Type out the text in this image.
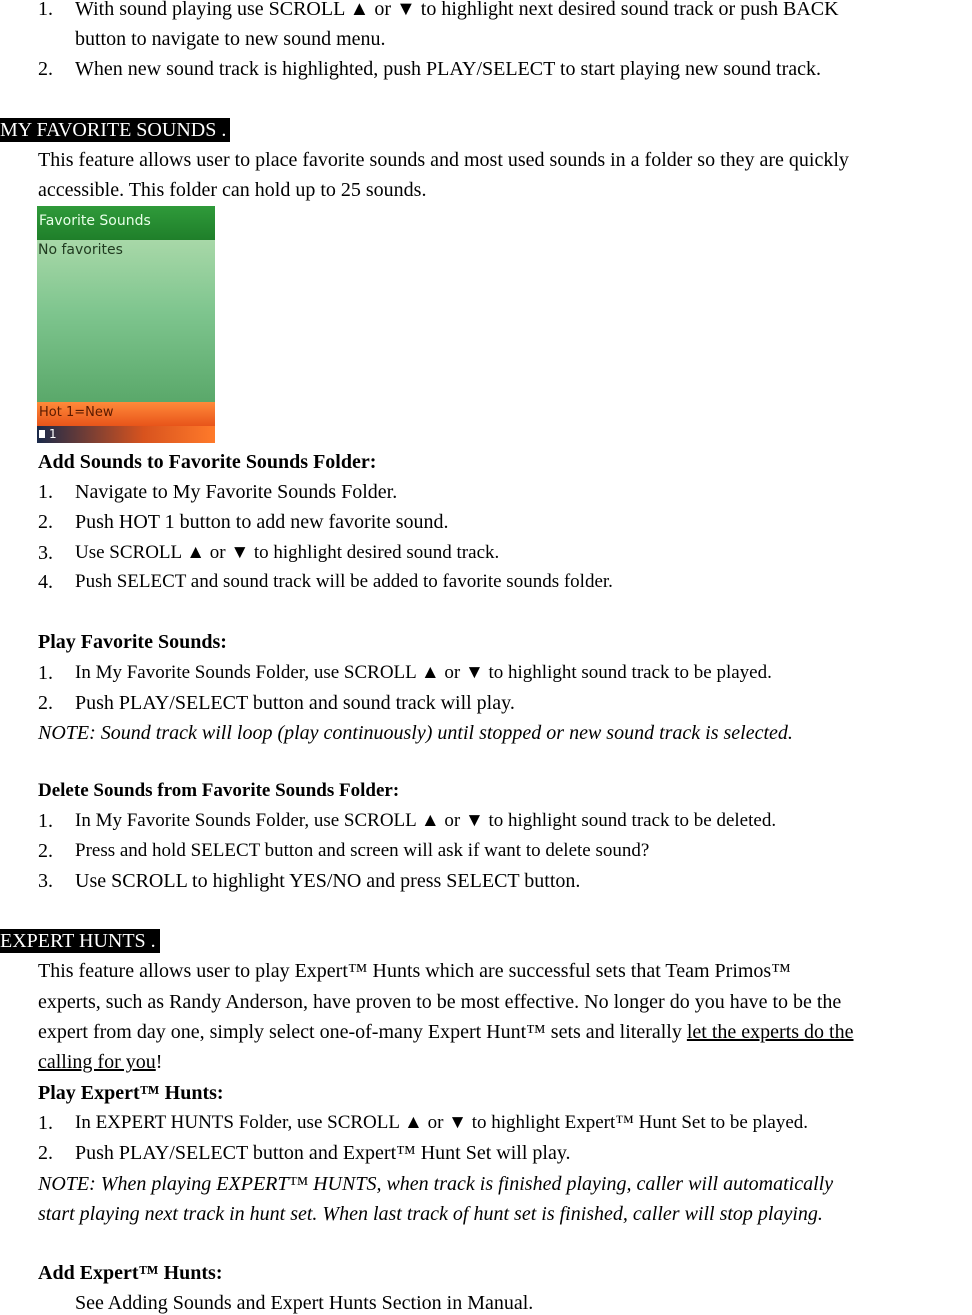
1. With sound playing use SCROLL ▲ or ▼ to highlight next desired sound track or push BACK
button to navigate to new sound menu.
2. When new sound track is highlighted, push PLAY/SELECT to start playing new sound track.
MY FAVORITE SOUNDS .
This feature allows user to place favorite sounds and most used sounds in a folder so they are quickly
accessible. This folder can hold up to 25 sounds.
Favorite Sounds
No favorites
Hot 1=New
1
Add Sounds to Favorite Sounds Folder:
1. Navigate to My Favorite Sounds Folder.
2. Push HOT 1 button to add new favorite sound.
3. Use SCROLL ▲ or ▼ to highlight desired sound track.
4. Push SELECT and sound track will be added to favorite sounds folder.
Play Favorite Sounds:
1. In My Favorite Sounds Folder, use SCROLL ▲ or ▼ to highlight sound track to be played.
2. Push PLAY/SELECT button and sound track will play.
NOTE: Sound track will loop (play continuously) until stopped or new sound track is selected.
Delete Sounds from Favorite Sounds Folder:
1. In My Favorite Sounds Folder, use SCROLL ▲ or ▼ to highlight sound track to be deleted.
2. Press and hold SELECT button and screen will ask if want to delete sound?
3. Use SCROLL to highlight YES/NO and press SELECT button.
EXPERT HUNTS .
This feature allows user to play Expert™ Hunts which are successful sets that Team Primos™
experts, such as Randy Anderson, have proven to be most effective. No longer do you have to be the
expert from day one, simply select one-of-many Expert Hunt™ sets and literally let the experts do the
calling for you!
Play Expert™ Hunts:
1. In EXPERT HUNTS Folder, use SCROLL ▲ or ▼ to highlight Expert™ Hunt Set to be played.
2. Push PLAY/SELECT button and Expert™ Hunt Set will play.
NOTE: When playing EXPERT™ HUNTS, when track is finished playing, caller will automatically
start playing next track in hunt set. When last track of hunt set is finished, caller will stop playing.
Add Expert™ Hunts:
See Adding Sounds and Expert Hunts Section in Manual.
